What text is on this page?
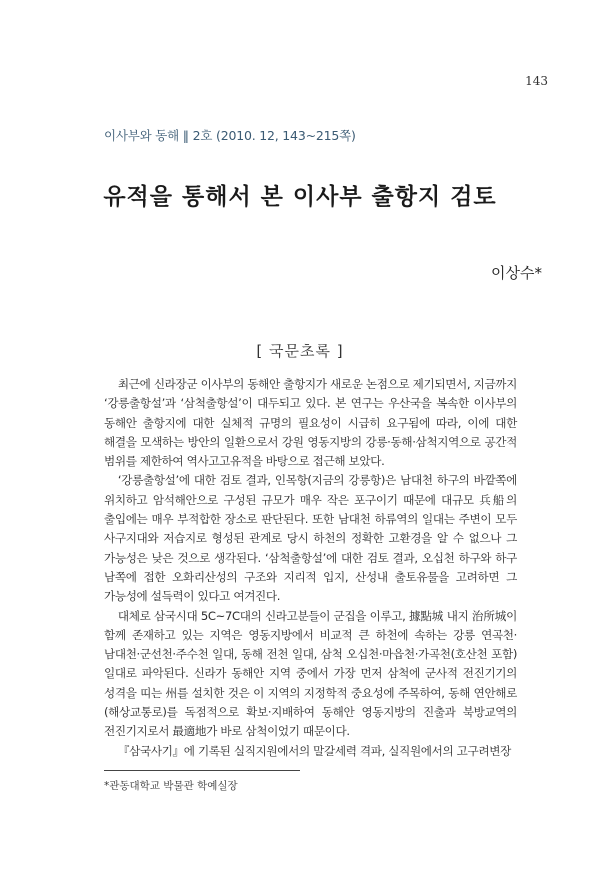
143
이사부와 동해 ‖ 2호 (2010. 12, 143~215쪽)
유적을 통해서 본 이사부 출항지 검토
이상수*
[ 국문초록 ]

최근에 신라장군 이사부의 동해안 출항지가 새로운 논점으로 제기되면서, 지금까지 ‘강릉출항설’과 ‘삼척출항설’이 대두되고 있다. 본 연구는 우산국을 복속한 이사부의 동해안 출항지에 대한 실체적 규명의 필요성이 시급히 요구됨에 따라, 이에 대한 해결을 모색하는 방안의 일환으로서 강원 영동지방의 강릉·동해·삼척지역으로 공간적 범위를 제한하여 역사고고유적을 바탕으로 접근해 보았다.

‘강릉출항설’에 대한 검토 결과, 인목항(지금의 강릉항)은 남대천 하구의 바깥쪽에 위치하고 암석해안으로 구성된 규모가 매우 작은 포구이기 때문에 대규모 兵船의 출입에는 매우 부적합한 장소로 판단된다. 또한 남대천 하류역의 일대는 주변이 모두 사구지대와 저습지로 형성된 관계로 당시 하천의 정확한 고환경을 알 수 없으나 그 가능성은 낮은 것으로 생각된다. ‘삼척출항설’에 대한 검토 결과, 오십천 하구와 하구 남쪽에 접한 오화리산성의 구조와 지리적 입지, 산성내 출토유물을 고려하면 그 가능성에 설득력이 있다고 여겨진다.

대체로 삼국시대 5C~7C대의 신라고분들이 군집을 이루고, 據點城 내지 治所城이 함께 존재하고 있는 지역은 영동지방에서 비교적 큰 하천에 속하는 강릉 연곡천·남대천·군선천·주수천 일대, 동해 전천 일대, 삼척 오십천·마읍천·가곡천(호산천 포함) 일대로 파악된다. 신라가 동해안 지역 중에서 가장 먼저 삼척에 군사적 전진기기의 성격을 띠는 州를 설치한 것은 이 지역의 지정학적 중요성에 주목하여, 동해 연안해로(해상교통로)를 독점적으로 확보·지배하여 동해안 영동지방의 진출과 북방교역의 전진기지로서 最適地가 바로 삼척이었기 때문이다.

『삼국사기』에 기록된 실직지원에서의 말갈세력 격파, 실직원에서의 고구려변장

*관동대학교 박물관 학예실장
